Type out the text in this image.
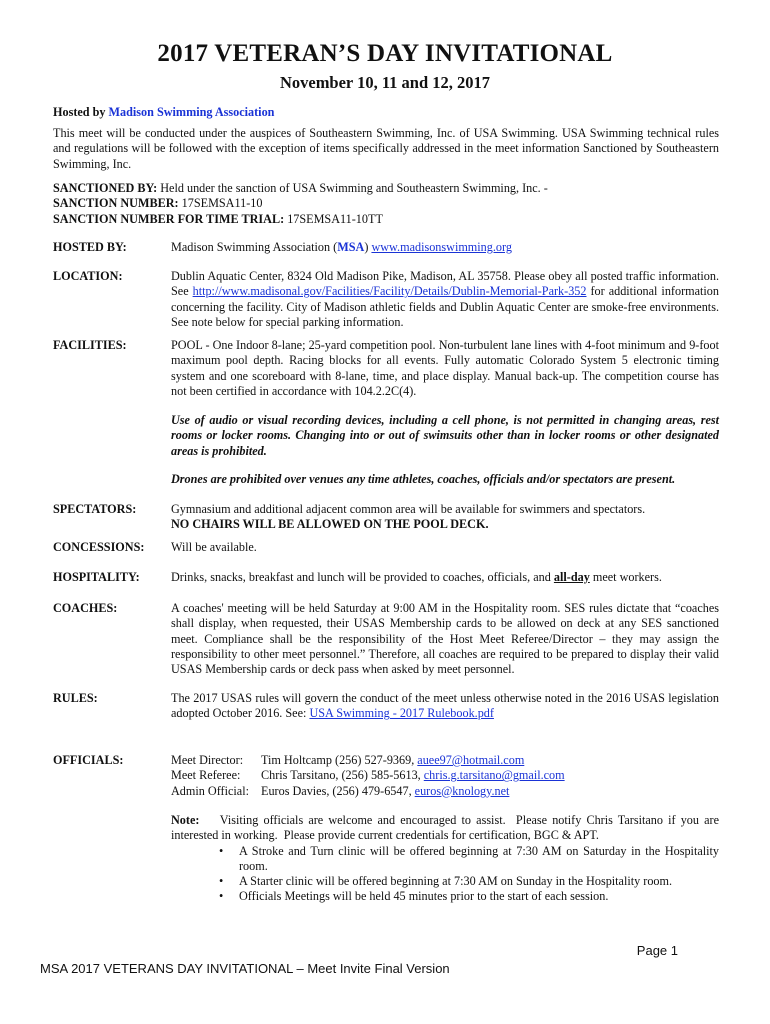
2017 VETERAN’S DAY INVITATIONAL
November 10, 11 and 12, 2017
Hosted by Madison Swimming Association
This meet will be conducted under the auspices of Southeastern Swimming, Inc. of USA Swimming. USA Swimming technical rules and regulations will be followed with the exception of items specifically addressed in the meet information Sanctioned by Southeastern Swimming, Inc.
SANCTIONED BY: Held under the sanction of USA Swimming and Southeastern Swimming, Inc. -
SANCTION NUMBER: 17SEMSA11-10
SANCTION NUMBER FOR TIME TRIAL: 17SEMSA11-10TT
HOSTED BY:	Madison Swimming Association (MSA) www.madisonswimming.org
LOCATION:	Dublin Aquatic Center, 8324 Old Madison Pike, Madison, AL 35758. Please obey all posted traffic information. See http://www.madisonal.gov/Facilities/Facility/Details/Dublin-Memorial-Park-352 for additional information concerning the facility. City of Madison athletic fields and Dublin Aquatic Center are smoke-free environments. See note below for special parking information.
FACILITIES:	POOL - One Indoor 8-lane; 25-yard competition pool. Non-turbulent lane lines with 4-foot minimum and 9-foot maximum pool depth. Racing blocks for all events. Fully automatic Colorado System 5 electronic timing system and one scoreboard with 8-lane, time, and place display. Manual back-up. The competition course has not been certified in accordance with 104.2.2C(4).
Use of audio or visual recording devices, including a cell phone, is not permitted in changing areas, rest rooms or locker rooms. Changing into or out of swimsuits other than in locker rooms or other designated areas is prohibited.
Drones are prohibited over venues any time athletes, coaches, officials and/or spectators are present.
SPECTATORS:	Gymnasium and additional adjacent common area will be available for swimmers and spectators.
NO CHAIRS WILL BE ALLOWED ON THE POOL DECK.
CONCESSIONS: Will be available.
HOSPITALITY:	Drinks, snacks, breakfast and lunch will be provided to coaches, officials, and all-day meet workers.
COACHES:	A coaches' meeting will be held Saturday at 9:00 AM in the Hospitality room. SES rules dictate that “coaches shall display, when requested, their USAS Membership cards to be allowed on deck at any SES sanctioned meet. Compliance shall be the responsibility of the Host Meet Referee/Director – they may assign the responsibility to other meet personnel.” Therefore, all coaches are required to be prepared to display their valid USAS Membership cards or deck pass when asked by meet personnel.
RULES:	The 2017 USAS rules will govern the conduct of the meet unless otherwise noted in the 2016 USAS legislation adopted October 2016. See: USA Swimming - 2017 Rulebook.pdf
OFFICIALS:	Meet Director: Tim Holtcamp (256) 527-9369, auee97@hotmail.com
Meet Referee: Chris Tarsitano, (256) 585-5613, chris.g.tarsitano@gmail.com
Admin Official: Euros Davies, (256) 479-6547, euros@knology.net
Note:    Visiting officials are welcome and encouraged to assist.  Please notify Chris Tarsitano if you are interested in working.  Please provide current credentials for certification, BGC & APT.
• A Stroke and Turn clinic will be offered beginning at 7:30 AM on Saturday in the Hospitality room.
• A Starter clinic will be offered beginning at 7:30 AM on Sunday in the Hospitality room.
• Officials Meetings will be held 45 minutes prior to the start of each session.
Page 1
MSA 2017 VETERANS DAY INVITATIONAL – Meet Invite Final Version
